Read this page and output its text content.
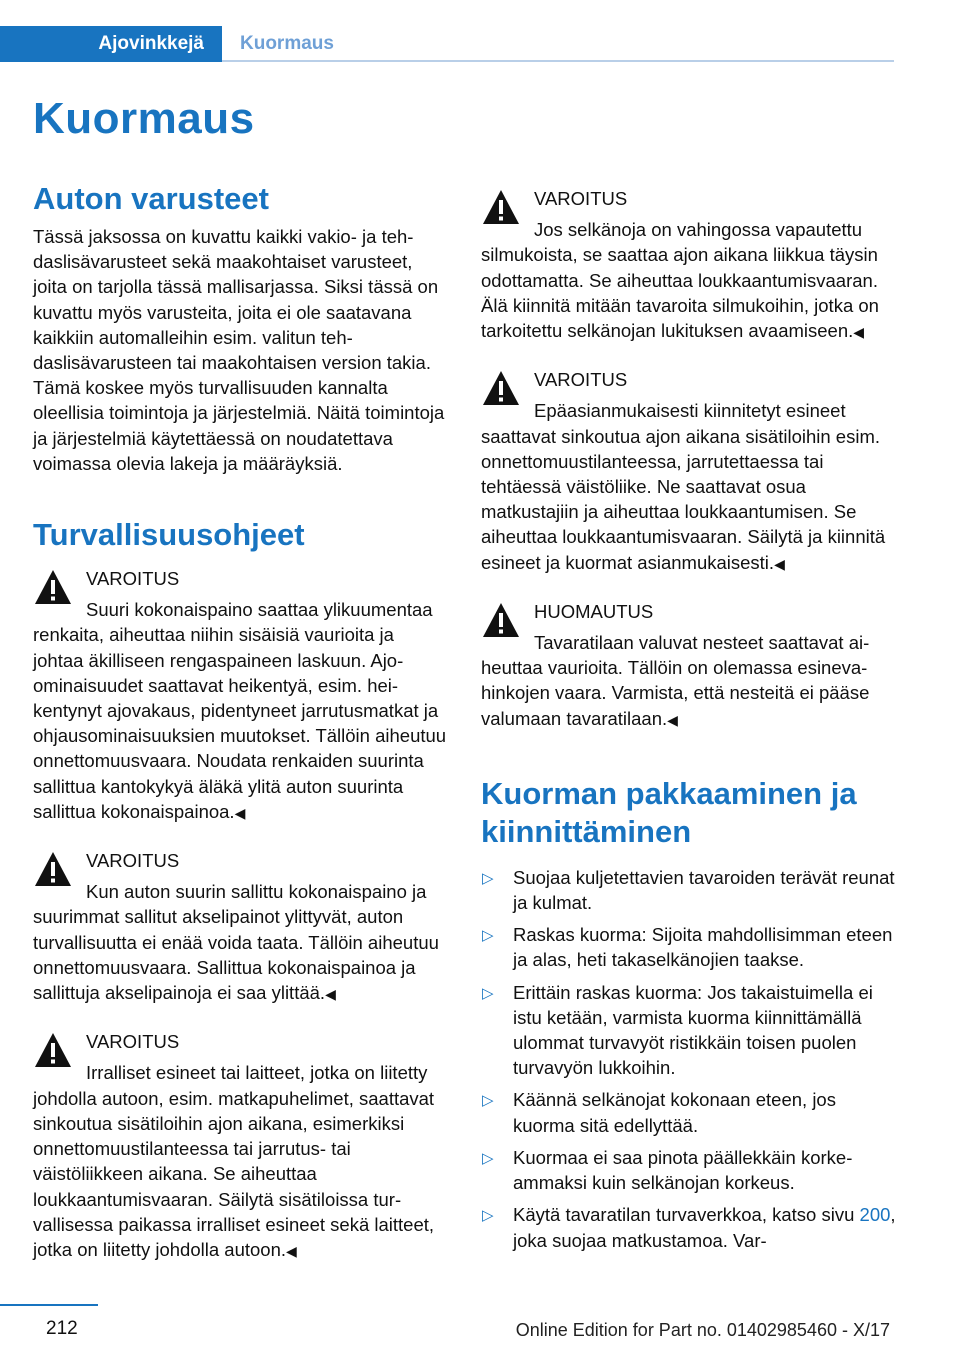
Ajovinkkejä	Kuormaus
Kuormaus
Auton varusteet

Tässä jaksossa on kuvattu kaikki vakio- ja tehdaslisävarusteet sekä maakohtaiset varusteet, joita on tarjolla tässä mallisarjassa. Siksi tässä on kuvattu myös varusteita, joita ei ole saatavana kaikkiin automalleihin esim. valitun tehdaslisävarusteen tai maakohtaisen version takia. Tämä koskee myös turvallisuuden kannalta oleellisia toimintoja ja järjestelmiä. Näitä toimintoja ja järjestelmiä käytettäessä on noudatettava voimassa olevia lakeja ja määräyksiä.

Turvallisuusohjeet
VAROITUS
Suuri kokonaispaino saattaa ylikuumentaa renkaita, aiheuttaa niihin sisäisiä vaurioita ja johtaa äkilliseen rengaspaineen laskuun. Ajoominaisuudet saattavat heikentyä, esim. heikentynyt ajovakaus, pidentyneet jarrutusmatkat ja ohjausominaisuuksien muutokset. Tällöin aiheutuu onnettomuusvaara. Noudata renkaiden suurinta sallittua kantokykyä äläkä ylitä auton suurinta sallittua kokonaispainoa.◀
VAROITUS
Kun auton suurin sallittu kokonaispaino ja suurimmat sallitut akselipainot ylittyvät, auton turvallisuutta ei enää voida taata. Tällöin aiheutuu onnettomuusvaara. Sallittua kokonaispainoa ja sallittuja akselipainoja ei saa ylittää.◀
VAROITUS
Irralliset esineet tai laitteet, jotka on liitetty johdolla autoon, esim. matkapuhelimet, saattavat sinkoutua sisätiloihin ajon aikana, esimerkiksi onnettomuustilanteessa tai jarrutus- tai väistöliikkeen aikana. Se aiheuttaa loukkaantumisvaaran. Säilytä sisätiloissa turvallisessa paikassa irralliset esineet sekä laitteet, jotka on liitetty johdolla autoon.◀
VAROITUS
Jos selkänoja on vahingossa vapautettu silmukoista, se saattaa ajon aikana liikkua täysin odottamatta. Se aiheuttaa loukkaantumisvaaran. Älä kiinnitä mitään tavaroita silmukoihin, jotka on tarkoitettu selkänojan lukituksen avaamiseen.◀
VAROITUS
Epäasianmukaisesti kiinnitetyt esineet saattavat sinkoutua ajon aikana sisätiloihin esim. onnettomuustilanteessa, jarrutettaessa tai tehtäessä väistöliike. Ne saattavat osua matkustajiin ja aiheuttaa loukkaantumisen. Se aiheuttaa loukkaantumisvaaran. Säilytä ja kiinnitä esineet ja kuormat asianmukaisesti.◀
HUOMAUTUS
Tavaratilaan valuvat nesteet saattavat aiheuttaa vaurioita. Tällöin on olemassa esinevahinkojen vaara. Varmista, että nesteitä ei pääse valumaan tavaratilaan.◀
Kuorman pakkaaminen ja kiinnittäminen
▷ Suojaa kuljetettavien tavaroiden terävät reunat ja kulmat.
▷ Raskas kuorma: Sijoita mahdollisimman eteen ja alas, heti takaselkänojien taakse.
▷ Erittäin raskas kuorma: Jos takaistuimella ei istu ketään, varmista kuorma kiinnittämällä ulommat turvavyöt ristikkäin toisen puolen turvavyön lukkoihin.
▷ Käännä selkänojat kokonaan eteen, jos kuorma sitä edellyttää.
▷ Kuormaa ei saa pinota päällekkäin korkeammaksi kuin selkänojan korkeus.
▷ Käytä tavaratilan turvaverkkoa, katso sivu 200, joka suojaa matkustamoa. Var-
212	Online Edition for Part no. 01402985460 - X/17
